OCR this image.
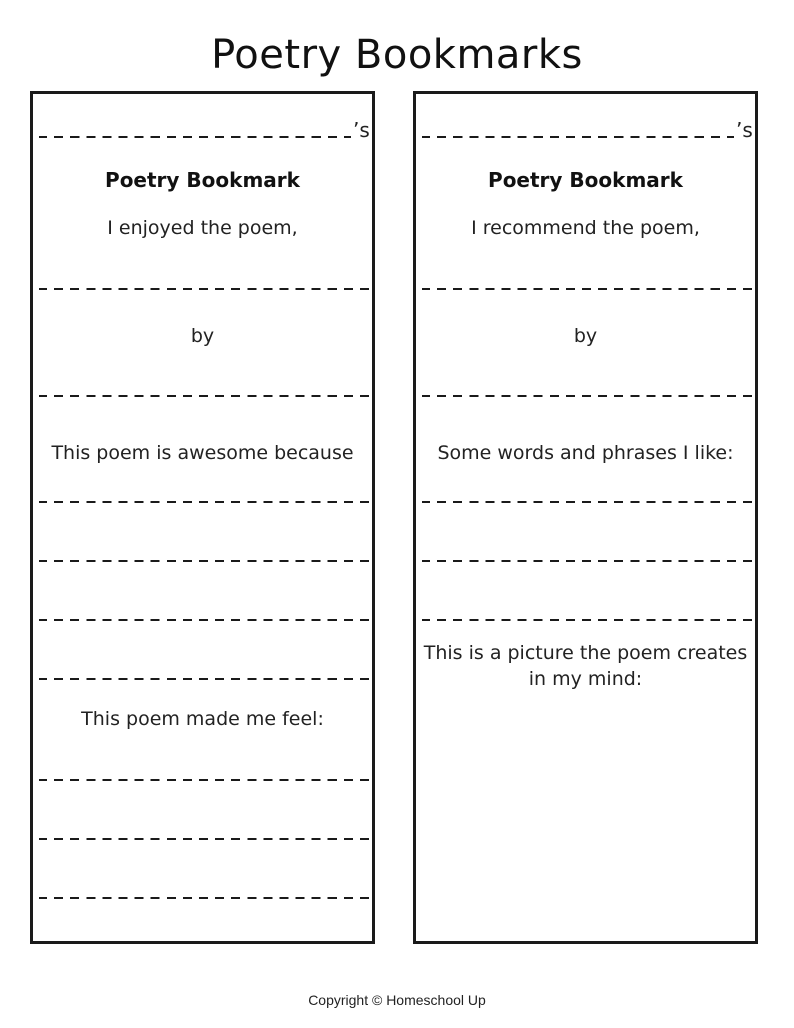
Poetry Bookmarks
’s
Poetry Bookmark
I enjoyed the poem,
by
This poem is awesome because
This poem made me feel:
’s
Poetry Bookmark
I recommend the poem,
by
Some words and phrases I like:
This is a picture the poem creates in my mind:
Copyright © Homeschool Up
